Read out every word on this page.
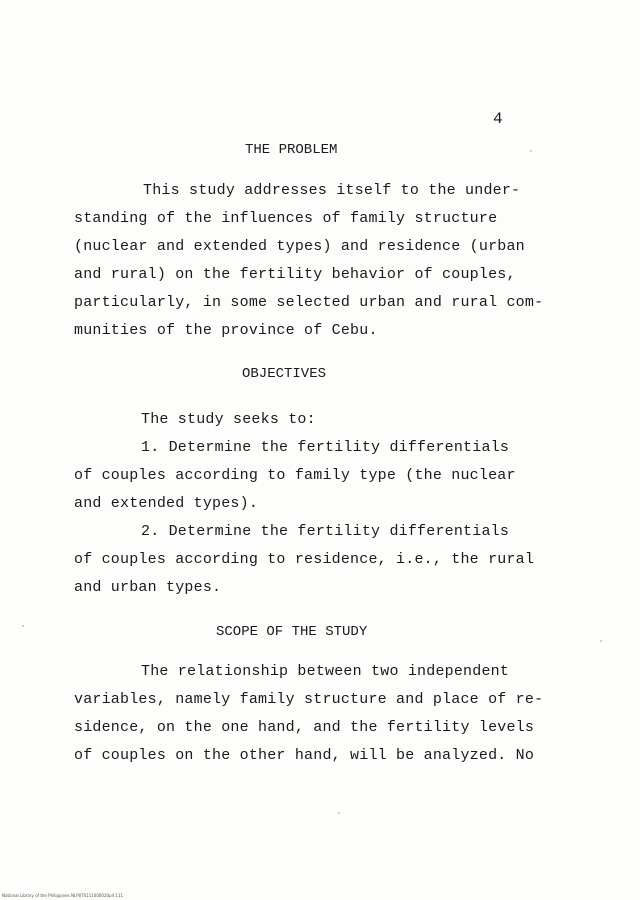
4
THE PROBLEM
This study addresses itself to the under-
standing of the influences of family structure
(nuclear and extended types) and residence (urban
and rural) on the fertility behavior of couples,
particularly, in some selected urban and rural com-
munities of the province of Cebu.
OBJECTIVES
The study seeks to:
1. Determine the fertility differentials
of couples according to family type (the nuclear
and extended types).
2. Determine the fertility differentials
of couples according to residence, i.e., the rural
and urban types.
SCOPE OF THE STUDY
The relationship between two independent
variables, namely family structure and place of re-
sidence, on the one hand, and the fertility levels
of couples on the other hand, will be analyzed. No
National Library of the Philippines NLP0T0111000020p4 111
